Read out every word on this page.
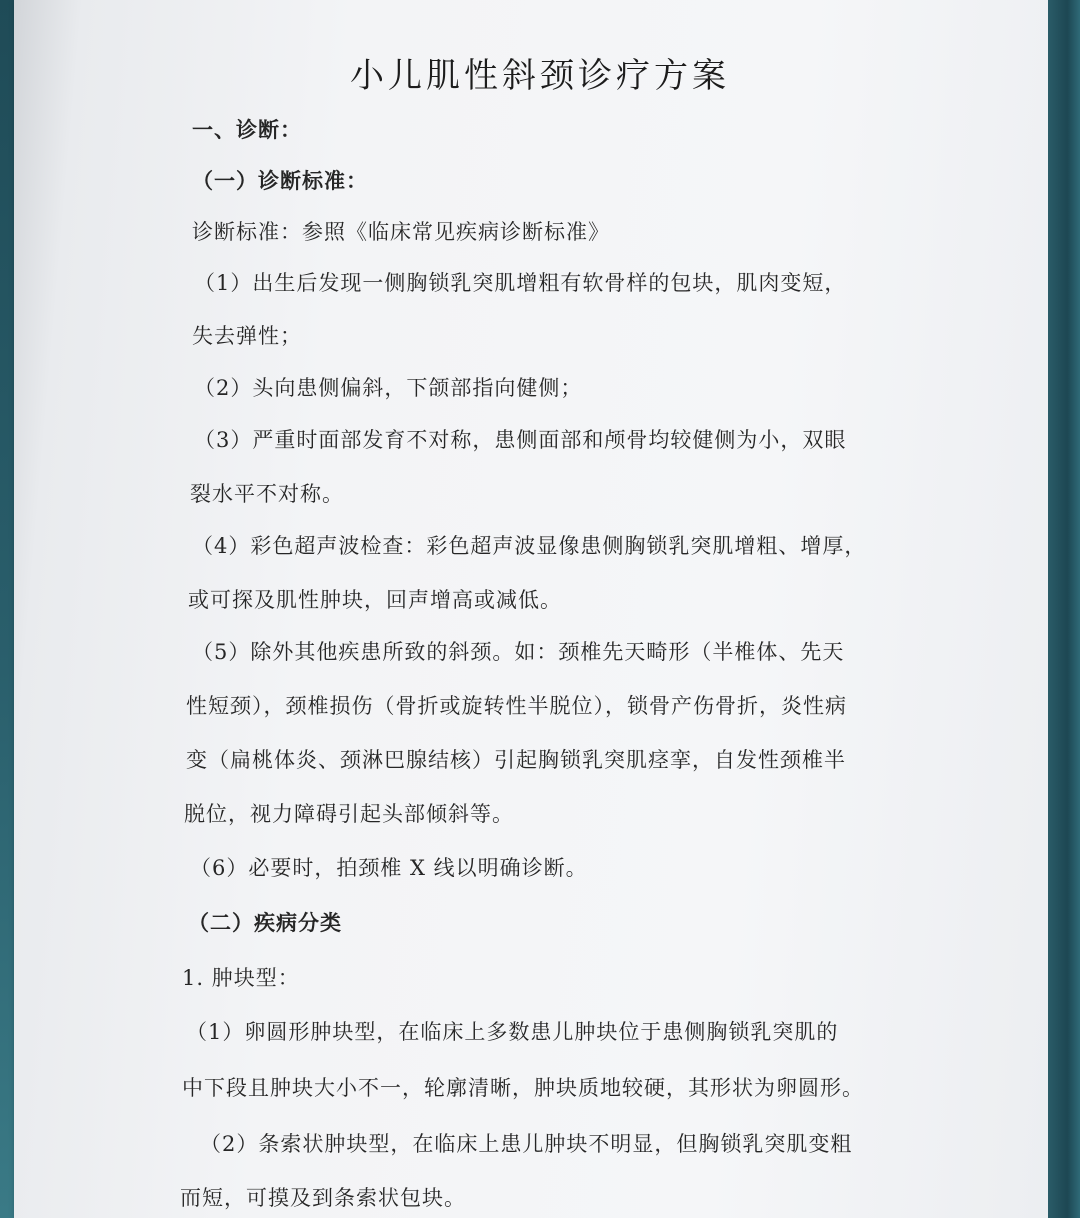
小儿肌性斜颈诊疗方案
一、诊断：
（一）诊断标准：
诊断标准：参照《临床常见疾病诊断标准》
（1）出生后发现一侧胸锁乳突肌增粗有软骨样的包块，肌肉变短，
失去弹性；
（2）头向患侧偏斜，下颌部指向健侧；
（3）严重时面部发育不对称，患侧面部和颅骨均较健侧为小，双眼
裂水平不对称。
（4）彩色超声波检查：彩色超声波显像患侧胸锁乳突肌增粗、增厚，
或可探及肌性肿块，回声增高或减低。
（5）除外其他疾患所致的斜颈。如：颈椎先天畸形（半椎体、先天
性短颈），颈椎损伤（骨折或旋转性半脱位），锁骨产伤骨折，炎性病
变（扁桃体炎、颈淋巴腺结核）引起胸锁乳突肌痉挛，自发性颈椎半
脱位，视力障碍引起头部倾斜等。
（6）必要时，拍颈椎 X 线以明确诊断。
（二）疾病分类
1. 肿块型：
（1）卵圆形肿块型，在临床上多数患儿肿块位于患侧胸锁乳突肌的
中下段且肿块大小不一，轮廓清晰，肿块质地较硬，其形状为卵圆形。
（2）条索状肿块型，在临床上患儿肿块不明显，但胸锁乳突肌变粗
而短，可摸及到条索状包块。
